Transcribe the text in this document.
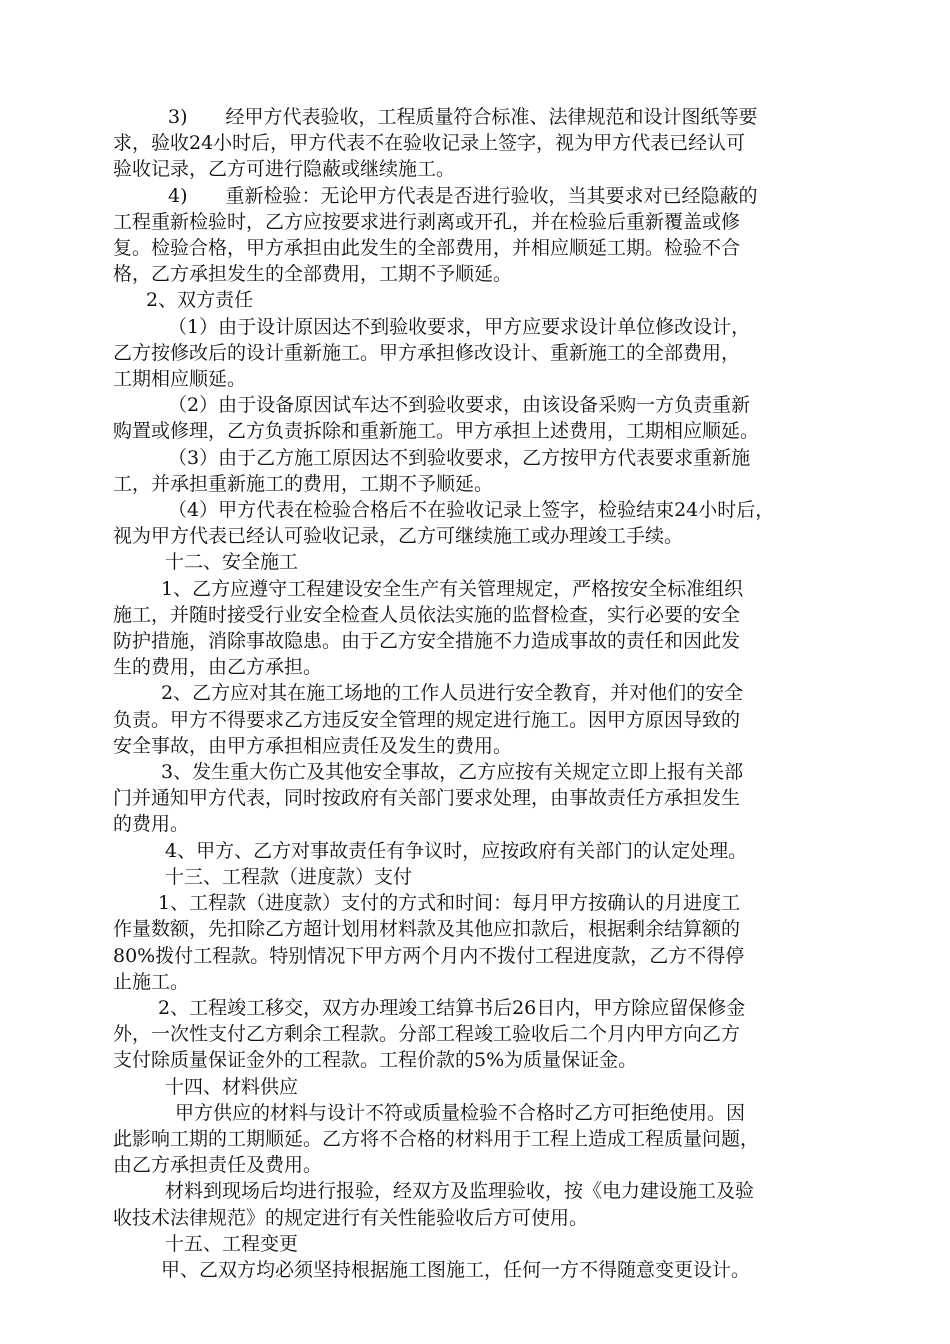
3)　　经甲方代表验收，工程质量符合标准、法律规范和设计图纸等要
求，验收24小时后，甲方代表不在验收记录上签字，视为甲方代表已经认可
验收记录，乙方可进行隐蔽或继续施工。
4)　　重新检验：无论甲方代表是否进行验收，当其要求对已经隐蔽的
工程重新检验时，乙方应按要求进行剥离或开孔，并在检验后重新覆盖或修
复。检验合格，甲方承担由此发生的全部费用，并相应顺延工期。检验不合
格，乙方承担发生的全部费用，工期不予顺延。
2、双方责任
（1）由于设计原因达不到验收要求，甲方应要求设计单位修改设计，
乙方按修改后的设计重新施工。甲方承担修改设计、重新施工的全部费用，
工期相应顺延。
（2）由于设备原因试车达不到验收要求，由该设备采购一方负责重新
购置或修理，乙方负责拆除和重新施工。甲方承担上述费用，工期相应顺延。
（3）由于乙方施工原因达不到验收要求，乙方按甲方代表要求重新施
工，并承担重新施工的费用，工期不予顺延。
（4）甲方代表在检验合格后不在验收记录上签字，检验结束24小时后，
视为甲方代表已经认可验收记录，乙方可继续施工或办理竣工手续。
十二、安全施工
1、乙方应遵守工程建设安全生产有关管理规定，严格按安全标准组织
施工，并随时接受行业安全检查人员依法实施的监督检查，实行必要的安全
防护措施，消除事故隐患。由于乙方安全措施不力造成事故的责任和因此发
生的费用，由乙方承担。
2、乙方应对其在施工场地的工作人员进行安全教育，并对他们的安全
负责。甲方不得要求乙方违反安全管理的规定进行施工。因甲方原因导致的
安全事故，由甲方承担相应责任及发生的费用。
3、发生重大伤亡及其他安全事故，乙方应按有关规定立即上报有关部
门并通知甲方代表，同时按政府有关部门要求处理，由事故责任方承担发生
的费用。
4、甲方、乙方对事故责任有争议时，应按政府有关部门的认定处理。
十三、工程款（进度款）支付
1、工程款（进度款）支付的方式和时间：每月甲方按确认的月进度工
作量数额，先扣除乙方超计划用材料款及其他应扣款后，根据剩余结算额的
80%拨付工程款。特别情况下甲方两个月内不拨付工程进度款，乙方不得停
止施工。
2、工程竣工移交，双方办理竣工结算书后26日内，甲方除应留保修金
外，一次性支付乙方剩余工程款。分部工程竣工验收后二个月内甲方向乙方
支付除质量保证金外的工程款。工程价款的5%为质量保证金。
十四、材料供应
甲方供应的材料与设计不符或质量检验不合格时乙方可拒绝使用。因
此影响工期的工期顺延。乙方将不合格的材料用于工程上造成工程质量问题，
由乙方承担责任及费用。
材料到现场后均进行报验，经双方及监理验收，按《电力建设施工及验
收技术法律规范》的规定进行有关性能验收后方可使用。
十五、工程变更
甲、乙双方均必须坚持根据施工图施工，任何一方不得随意变更设计。
